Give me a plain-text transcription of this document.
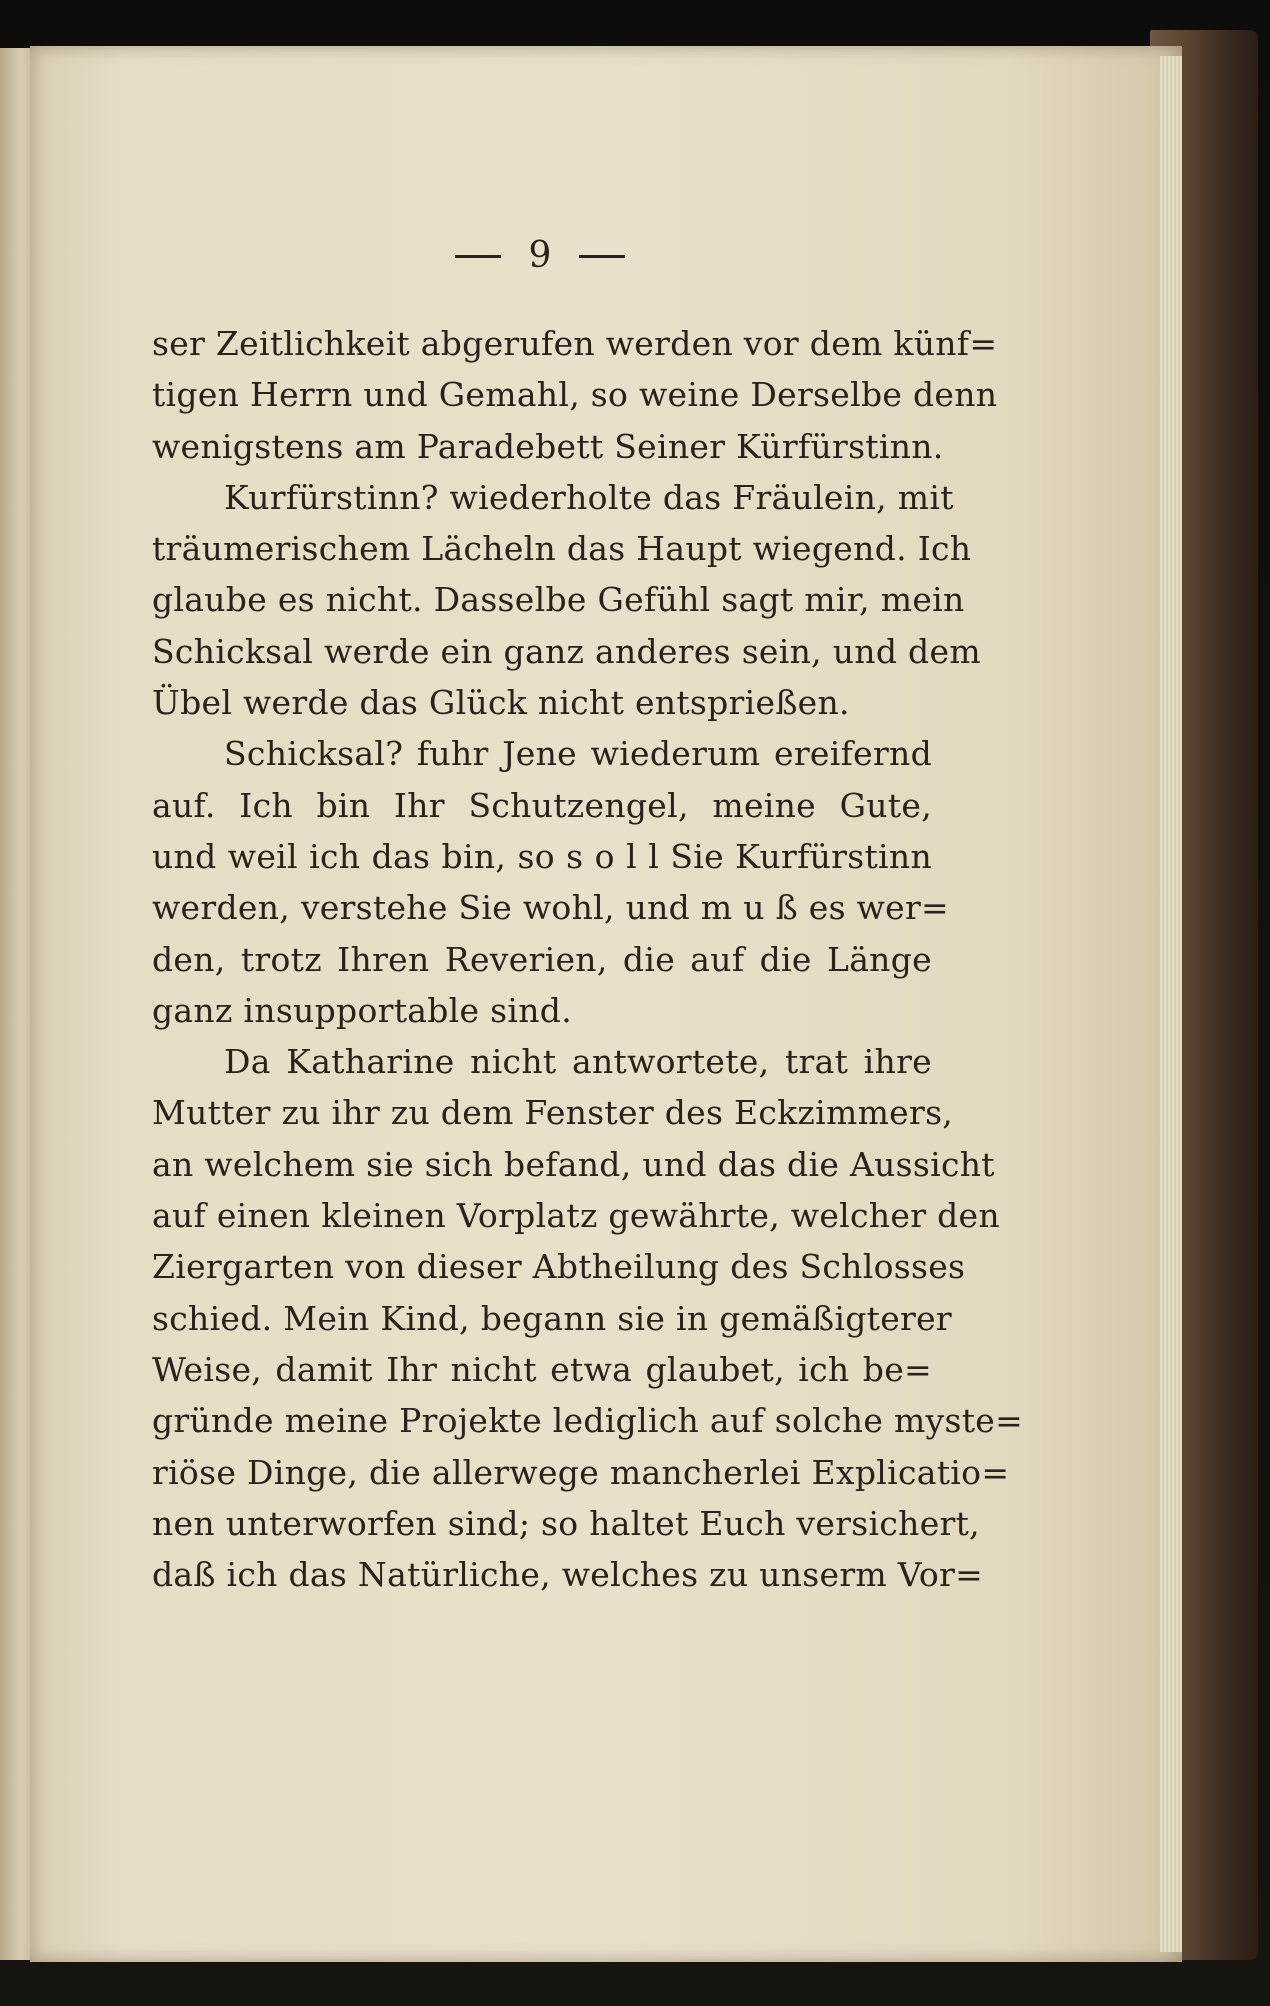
9
ser Zeitlichkeit abgerufen werden vor dem künf=
tigen Herrn und Gemahl, so weine Derselbe denn
wenigstens am Paradebett Seiner Kürfürstinn.
Kurfürstinn? wiederholte das Fräulein, mit
träumerischem Lächeln das Haupt wiegend. Ich
glaube es nicht. Dasselbe Gefühl sagt mir, mein
Schicksal werde ein ganz anderes sein, und dem
Übel werde das Glück nicht entsprießen.
Schicksal? fuhr Jene wiederum ereifernd
auf. Ich bin Ihr Schutzengel, meine Gute,
und weil ich das bin, so s o l l Sie Kurfürstinn
werden, verstehe Sie wohl, und m u ß es wer=
den, trotz Ihren Reverien, die auf die Länge
ganz insupportable sind.
Da Katharine nicht antwortete, trat ihre
Mutter zu ihr zu dem Fenster des Eckzimmers,
an welchem sie sich befand, und das die Aussicht
auf einen kleinen Vorplatz gewährte, welcher den
Ziergarten von dieser Abtheilung des Schlosses
schied. Mein Kind, begann sie in gemäßigterer
Weise, damit Ihr nicht etwa glaubet, ich be=
gründe meine Projekte lediglich auf solche myste=
riöse Dinge, die allerwege mancherlei Explicatio=
nen unterworfen sind; so haltet Euch versichert,
daß ich das Natürliche, welches zu unserm Vor=
